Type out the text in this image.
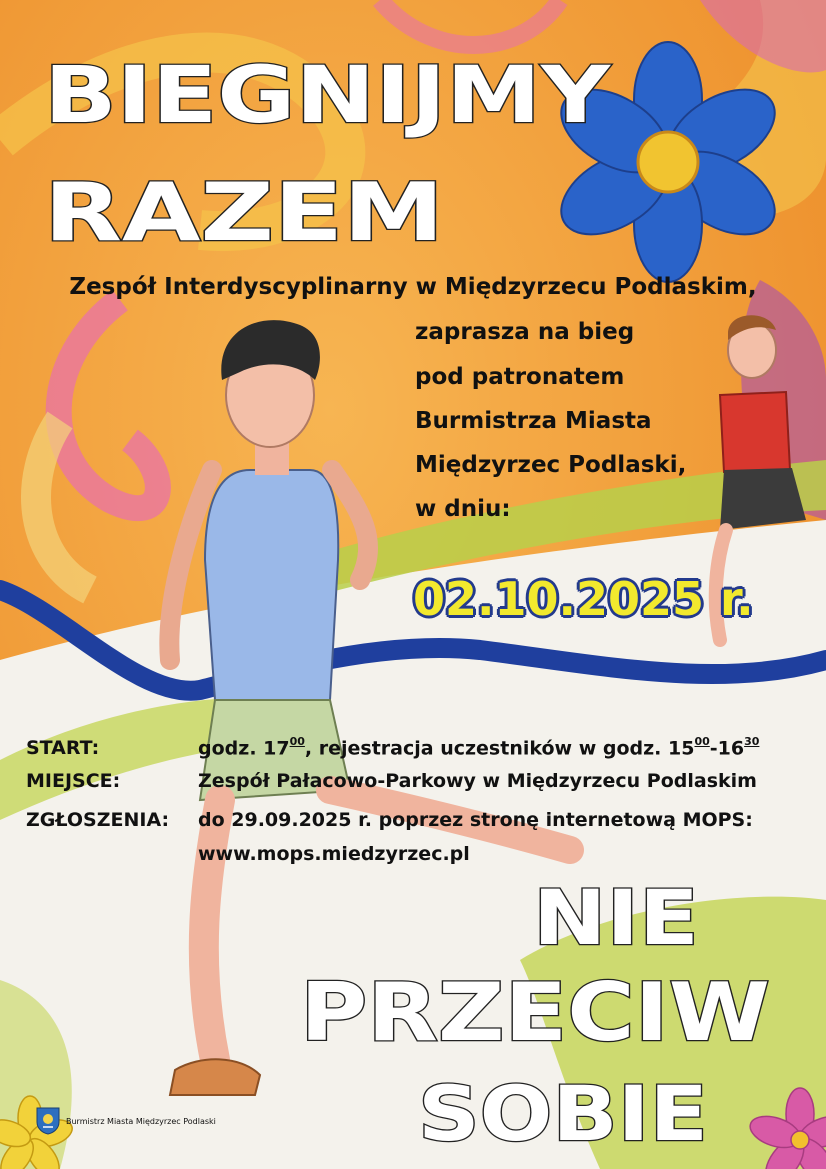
BIEGNIJMY
RAZEM
NIE
PRZECIW
SOBIE
Zespół Interdyscyplinarny w Międzyrzecu Podlaskim,
zaprasza na bieg
pod patronatem
Burmistrza Miasta
Międzyrzec Podlaski,
w dniu:
02.10.2025 r.
START:	godz. $17^{00}$, rejestracja uczestników w godz. $15^{00}-16^{30}$
MIEJSCE:	Zespół Pałacowo-Parkowy w Międzyrzecu Podlaskim
ZGŁOSZENIA: do 29.09.2025 r. poprzez stronę internetową MOPS:
www.mops.miedzyrzec.pl
Burmistrz Miasta Międzyrzec Podlaski
